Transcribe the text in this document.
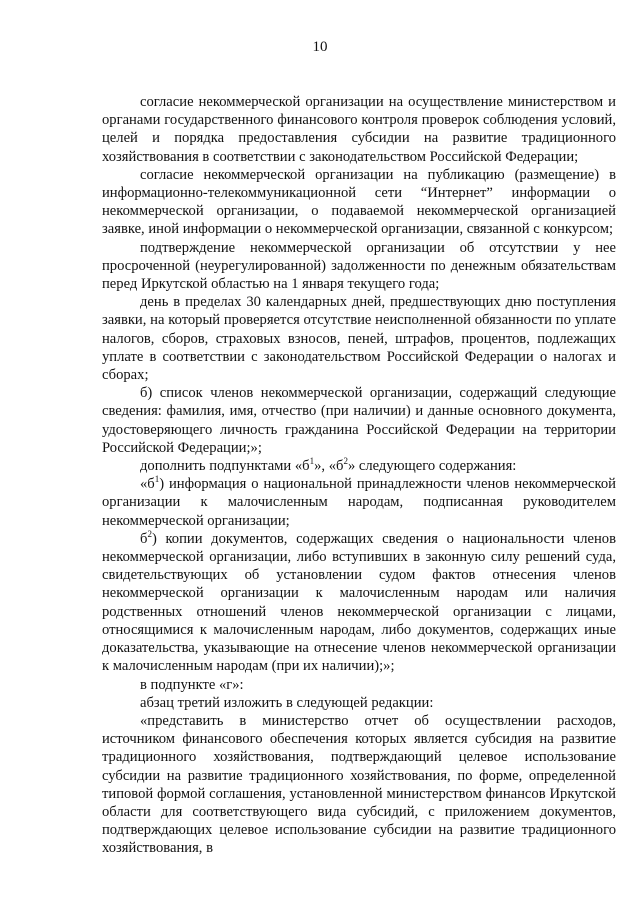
10

согласие некоммерческой организации на осуществление министерством и органами государственного финансового контроля проверок соблюдения условий, целей и порядка предоставления субсидии на развитие традиционного хозяйствования в соответствии с законодательством Российской Федерации;

согласие некоммерческой организации на публикацию (размещение) в информационно-телекоммуникационной сети “Интернет” информации о некоммерческой организации, о подаваемой некоммерческой организацией заявке, иной информации о некоммерческой организации, связанной с конкурсом;

подтверждение некоммерческой организации об отсутствии у нее просроченной (неурегулированной) задолженности по денежным обязательствам перед Иркутской областью на 1 января текущего года;

день в пределах 30 календарных дней, предшествующих дню поступления заявки, на который проверяется отсутствие неисполненной обязанности по уплате налогов, сборов, страховых взносов, пеней, штрафов, процентов, подлежащих уплате в соответствии с законодательством Российской Федерации о налогах и сборах;

б) список членов некоммерческой организации, содержащий следующие сведения: фамилия, имя, отчество (при наличии) и данные основного документа, удостоверяющего личность гражданина Российской Федерации на территории Российской Федерации;»;

дополнить подпунктами «$б^1$», «$б^2$» следующего содержания:

«$б^1$) информация о национальной принадлежности членов некоммерческой организации к малочисленным народам, подписанная руководителем некоммерческой организации;

$б^2$) копии документов, содержащих сведения о национальности членов некоммерческой организации, либо вступивших в законную силу решений суда, свидетельствующих об установлении судом фактов отнесения членов некоммерческой организации к малочисленным народам или наличия родственных отношений членов некоммерческой организации с лицами, относящимися к малочисленным народам, либо документов, содержащих иные доказательства, указывающие на отнесение членов некоммерческой организации к малочисленным народам (при их наличии);»;

в подпункте «г»:

абзац третий изложить в следующей редакции:

«представить в министерство отчет об осуществлении расходов, источником финансового обеспечения которых является субсидия на развитие традиционного хозяйствования, подтверждающий целевое использование субсидии на развитие традиционного хозяйствования, по форме, определенной типовой формой соглашения, установленной министерством финансов Иркутской области для соответствующего вида субсидий, с приложением документов, подтверждающих целевое использование субсидии на развитие традиционного хозяйствования, в
